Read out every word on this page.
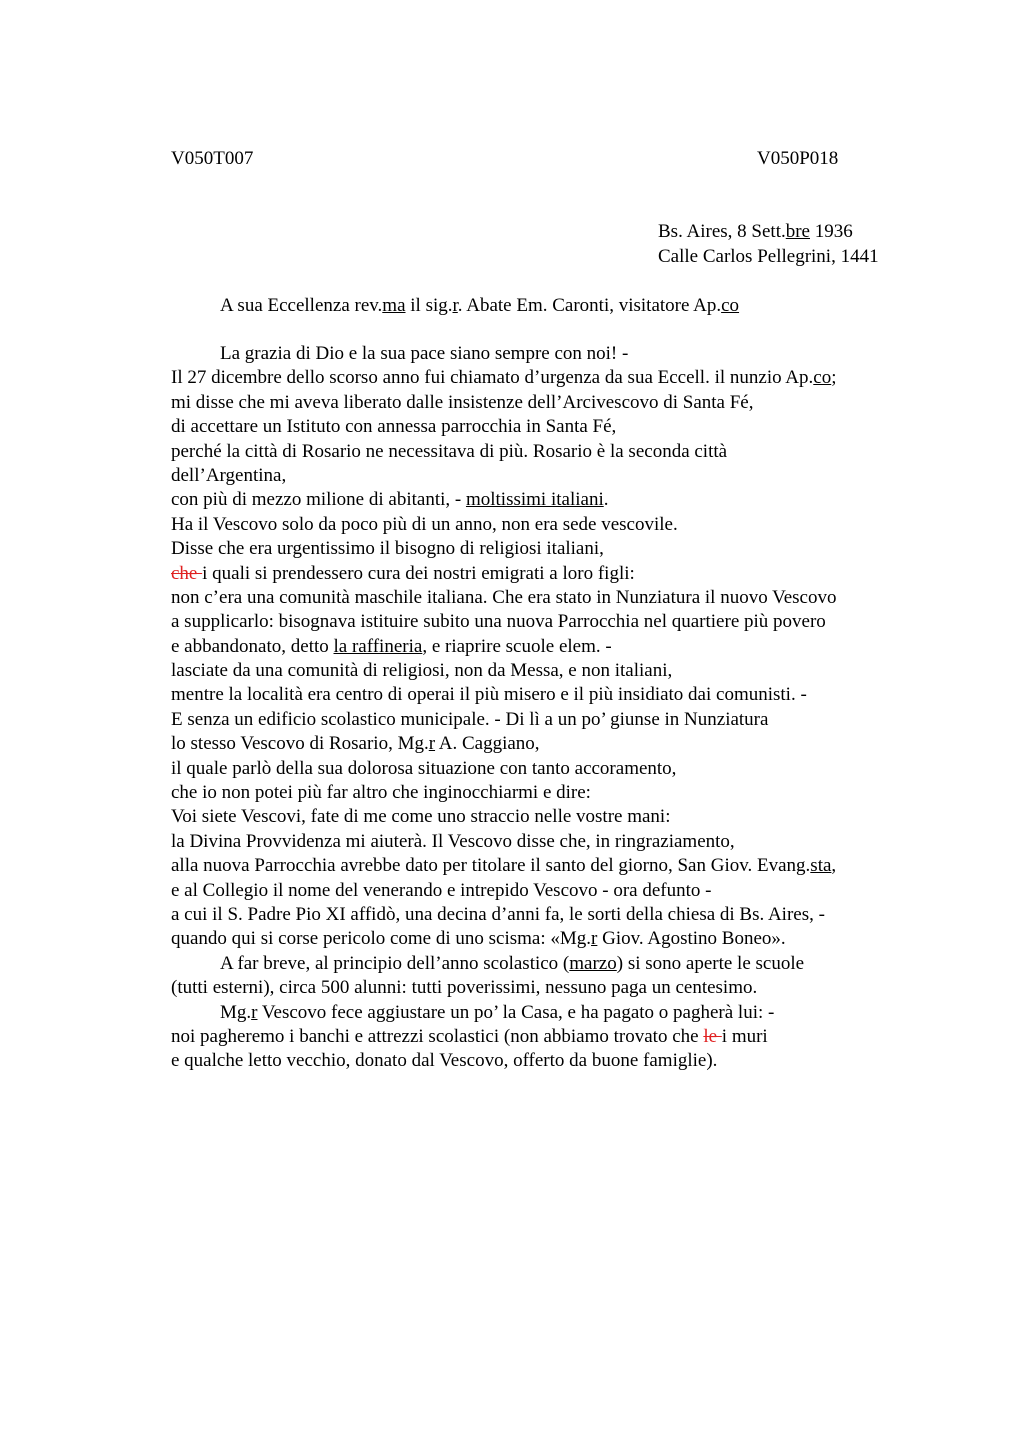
V050T007	V050P018
Bs. Aires, 8 Sett.bre 1936
Calle Carlos Pellegrini, 1441
A sua Eccellenza rev.ma il sig.r. Abate Em. Caronti, visitatore Ap.co
La grazia di Dio e la sua pace siano sempre con noi! -
Il 27 dicembre dello scorso anno fui chiamato d’urgenza da sua Eccell. il nunzio Ap.co;
mi disse che mi aveva liberato dalle insistenze dell’Arcivescovo di Santa Fé,
di accettare un Istituto con annessa parrocchia in Santa Fé,
perché la città di Rosario ne necessitava di più. Rosario è la seconda città
dell’Argentina,
con più di mezzo milione di abitanti, - moltissimi italiani.
Ha il Vescovo solo da poco più di un anno, non era sede vescovile.
Disse che era urgentissimo il bisogno di religiosi italiani,
che i quali si prendessero cura dei nostri emigrati a loro figli:
non c’era una comunità maschile italiana. Che era stato in Nunziatura il nuovo Vescovo
a supplicarlo: bisognava istituire subito una nuova Parrocchia nel quartiere più povero
e abbandonato, detto la raffineria, e riaprire scuole elem. -
lasciate da una comunità di religiosi, non da Messa, e non italiani,
mentre la località era centro di operai il più misero e il più insidiato dai comunisti. -
E senza un edificio scolastico municipale. - Di lì a un po’ giunse in Nunziatura
lo stesso Vescovo di Rosario, Mg.r A. Caggiano,
il quale parlò della sua dolorosa situazione con tanto accoramento,
che io non potei più far altro che inginocchiarmi e dire:
Voi siete Vescovi, fate di me come uno straccio nelle vostre mani:
la Divina Provvidenza mi aiuterà. Il Vescovo disse che, in ringraziamento,
alla nuova Parrocchia avrebbe dato per titolare il santo del giorno, San Giov. Evang.sta,
e al Collegio il nome del venerando e intrepido Vescovo - ora defunto -
a cui il S. Padre Pio XI affidò, una decina d’anni fa, le sorti della chiesa di Bs. Aires, -
quando qui si corse pericolo come di uno scisma: «Mg.r Giov. Agostino Boneo».
A far breve, al principio dell’anno scolastico (marzo) si sono aperte le scuole
(tutti esterni), circa 500 alunni: tutti poverissimi, nessuno paga un centesimo.
Mg.r Vescovo fece aggiustare un po’ la Casa, e ha pagato o pagherà lui: -
noi pagheremo i banchi e attrezzi scolastici (non abbiamo trovato che le i muri
e qualche letto vecchio, donato dal Vescovo, offerto da buone famiglie).
